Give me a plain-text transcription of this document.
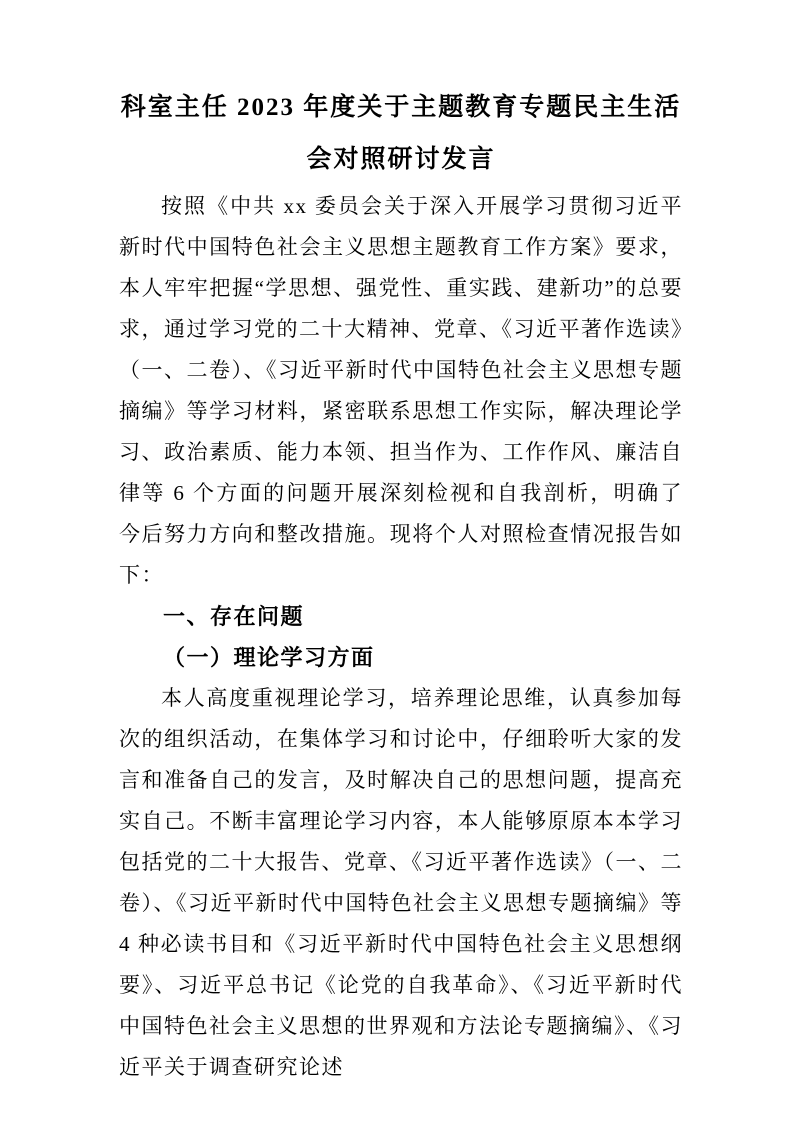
科室主任 2023 年度关于主题教育专题民主生活会对照研讨发言

按照《中共 xx 委员会关于深入开展学习贯彻习近平新时代中国特色社会主义思想主题教育工作方案》要求，本人牢牢把握“学思想、强党性、重实践、建新功”的总要求，通过学习党的二十大精神、党章、《习近平著作选读》（一、二卷）、《习近平新时代中国特色社会主义思想专题摘编》等学习材料，紧密联系思想工作实际，解决理论学习、政治素质、能力本领、担当作为、工作作风、廉洁自律等 6 个方面的问题开展深刻检视和自我剖析，明确了今后努力方向和整改措施。现将个人对照检查情况报告如下：

一、存在问题
（一）理论学习方面

本人高度重视理论学习，培养理论思维，认真参加每次的组织活动，在集体学习和讨论中，仔细聆听大家的发言和准备自己的发言，及时解决自己的思想问题，提高充实自己。不断丰富理论学习内容，本人能够原原本本学习包括党的二十大报告、党章、《习近平著作选读》（一、二卷）、《习近平新时代中国特色社会主义思想专题摘编》等 4 种必读书目和《习近平新时代中国特色社会主义思想纲要》、习近平总书记《论党的自我革命》、《习近平新时代中国特色社会主义思想的世界观和方法论专题摘编》、《习近平关于调查研究论述
